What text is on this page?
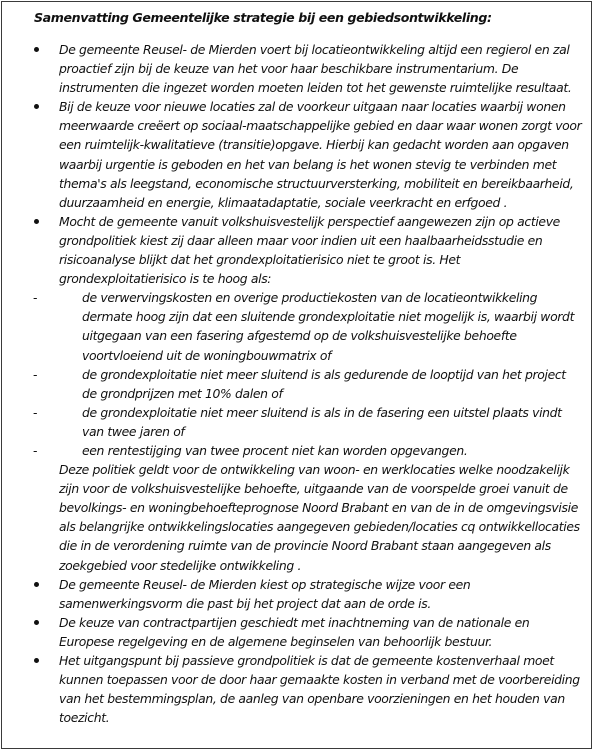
Samenvatting Gemeentelijke strategie bij een gebiedsontwikkeling:
De gemeente Reusel- de Mierden voert bij locatieontwikkeling altijd een regierol en zal proactief zijn bij de keuze van het voor haar beschikbare instrumentarium. De instrumenten die ingezet worden moeten leiden tot het gewenste ruimtelijke resultaat.
Bij de keuze voor nieuwe locaties zal de voorkeur uitgaan naar locaties waarbij wonen meerwaarde creëert op sociaal-maatschappelijke gebied en daar waar wonen zorgt voor een ruimtelijk-kwalitatieve (transitie)opgave. Hierbij kan gedacht worden aan opgaven waarbij urgentie is geboden en het van belang is het wonen stevig te verbinden met thema's als leegstand, economische structuurversterking, mobiliteit en bereikbaarheid, duurzaamheid en energie, klimaatadaptatie, sociale veerkracht en erfgoed .
Mocht de gemeente vanuit volkshuisvestelijk perspectief aangewezen zijn op actieve grondpolitiek kiest zij daar alleen maar voor indien uit een haalbaarheidsstudie en risicoanalyse blijkt dat het grondexploitatierisico niet te groot is. Het grondexploitatierisico is te hoog als:
-	de verwervingskosten en overige productiekosten van de locatieontwikkeling dermate hoog zijn dat een sluitende grondexploitatie niet mogelijk is, waarbij wordt uitgegaan van een fasering afgestemd op de volkshuisvestelijke behoefte voortvloeiend uit de woningbouwmatrix of
-	de grondexploitatie niet meer sluitend is als gedurende de looptijd van het project de grondprijzen met 10% dalen of
-	de grondexploitatie niet meer sluitend is als in de fasering een uitstel plaats vindt van twee jaren of
-	een rentestijging van twee procent niet kan worden opgevangen.
Deze politiek geldt voor de ontwikkeling van woon- en werklocaties welke noodzakelijk zijn voor de volkshuisvestelijke behoefte, uitgaande van de voorspelde groei vanuit de bevolkings- en woningbehoefteprognose Noord Brabant en van de in de omgevingsvisie als belangrijke ontwikkelingslocaties aangegeven gebieden/locaties cq ontwikkellocaties die in de verordening ruimte van de provincie Noord Brabant staan aangegeven als zoekgebied voor stedelijke ontwikkeling .
De gemeente Reusel- de Mierden kiest op strategische wijze voor een samenwerkingsvorm die past bij het project dat aan de orde is.
De keuze van contractpartijen geschiedt met inachtneming van de nationale en Europese regelgeving en de algemene beginselen van behoorlijk bestuur.
Het uitgangspunt bij passieve grondpolitiek is dat de gemeente kostenverhaal moet kunnen toepassen voor de door haar gemaakte kosten in verband met de voorbereiding van het bestemmingsplan, de aanleg van openbare voorzieningen en het houden van toezicht.
